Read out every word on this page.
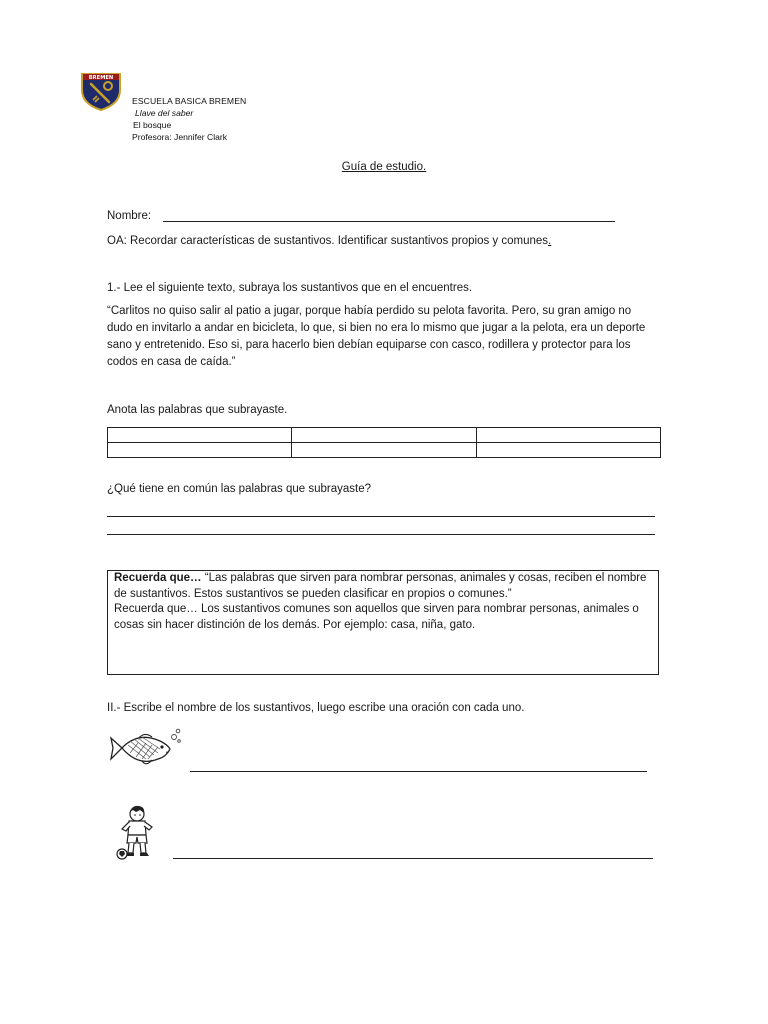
BREMEN
ESCUELA BASICA BREMEN
Llave del saber
El bosque
Profesora: Jennifer Clark
Guía de estudio.
Nombre:
OA: Recordar características de sustantivos. Identificar sustantivos propios y comunes.
1.- Lee el siguiente texto, subraya los sustantivos que en el encuentres.
“Carlitos no quiso salir al patio a jugar, porque había perdido su pelota favorita. Pero, su gran amigo no dudo en invitarlo a andar en bicicleta, lo que, si bien no era lo mismo que jugar a la pelota, era un deporte sano y entretenido. Eso si, para hacerlo bien debían equiparse con casco, rodillera y protector para los codos en casa de caída.”
Anota las palabras que subrayaste.

¿Qué tiene en común las palabras que subrayaste?
Recuerda que… “Las palabras que sirven para nombrar personas, animales y cosas, reciben el nombre de sustantivos. Estos sustantivos se pueden clasificar en propios o comunes.”
Recuerda que… Los sustantivos comunes son aquellos que sirven para nombrar personas, animales o cosas sin hacer distinción de los demás. Por ejemplo: casa, niña, gato.
II.- Escribe el nombre de los sustantivos, luego escribe una oración con cada uno.
